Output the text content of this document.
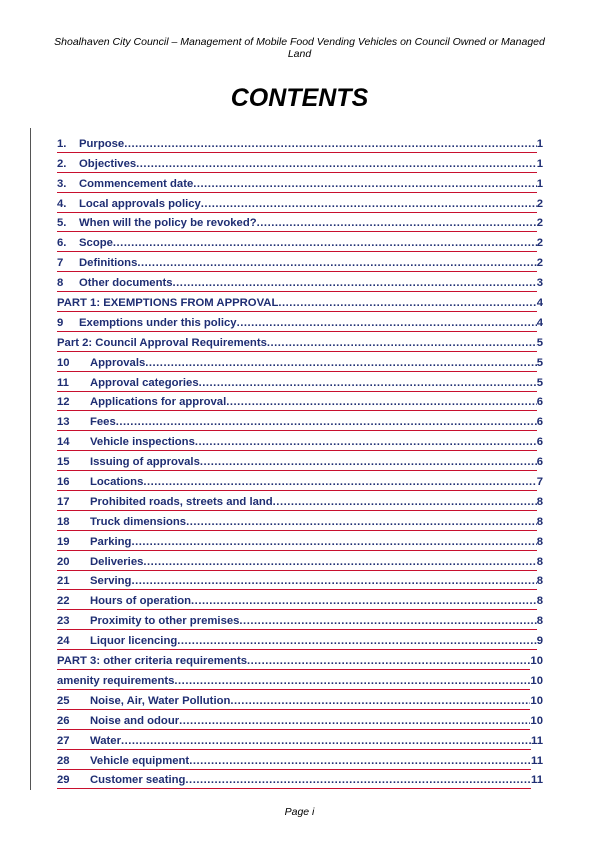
Shoalhaven City Council – Management of Mobile Food Vending Vehicles on Council Owned or Managed
Land
CONTENTS
1.	Purpose .....	1
2.	Objectives .....	1
3.	Commencement date .....	1
4.	Local approvals policy .....	2
5.	When will the policy be revoked? .....	2
6.	Scope .....	2
7	Definitions .....	2
8	Other documents .....	3
PART 1: EXEMPTIONS FROM APPROVAL .....	4
9	Exemptions under this policy .....	4
Part 2: Council Approval Requirements .....	5
10	Approvals .....	5
11	Approval categories .....	5
12	Applications for approval .....	6
13	Fees .....	6
14	Vehicle inspections .....	6
15	Issuing of approvals .....	6
16	Locations .....	7
17	Prohibited roads, streets and land .....	8
18	Truck dimensions .....	8
19	Parking .....	8
20	Deliveries .....	8
21	Serving .....	8
22	Hours of operation .....	8
23	Proximity to other premises .....	8
24	Liquor licencing .....	9
PART 3: other criteria requirements .....	10
amenity requirements .....	10
25	Noise, Air, Water Pollution .....	10
26	Noise and odour .....	10
27	Water .....	11
28	Vehicle equipment .....	11
29	Customer seating .....	11
Page i
